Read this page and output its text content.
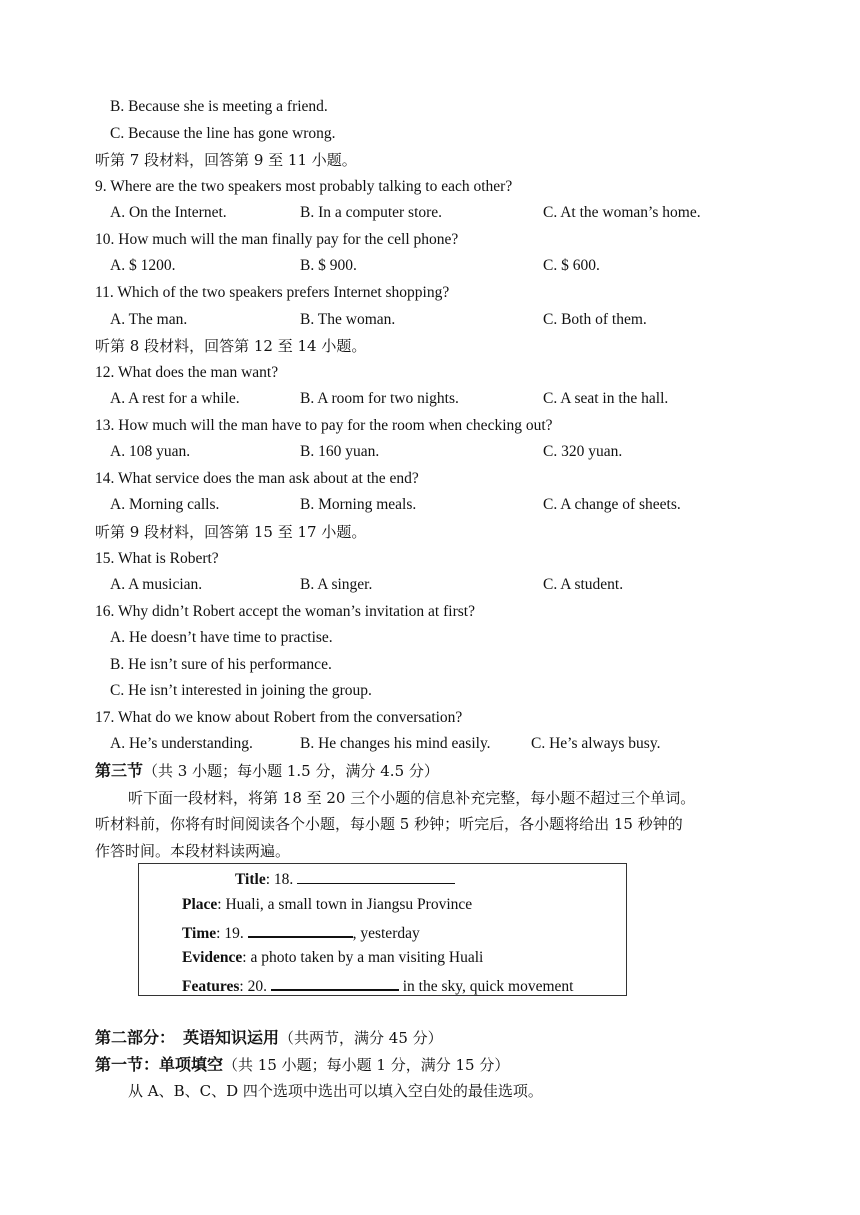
B. Because she is meeting a friend.
C. Because the line has gone wrong.
听第 7 段材料，回答第 9 至 11 小题。
9. Where are the two speakers most probably talking to each other?
A. On the Internet.	B. In a computer store.	C. At the woman’s home.
10. How much will the man finally pay for the cell phone?
A. $ 1200.	B. $ 900.	C. $ 600.
11. Which of the two speakers prefers Internet shopping?
A. The man.	B. The woman.	C. Both of them.
听第 8 段材料，回答第 12 至 14 小题。
12. What does the man want?
A. A rest for a while.	B. A room for two nights.	C. A seat in the hall.
13. How much will the man have to pay for the room when checking out?
A. 108 yuan.	B. 160 yuan.	C. 320 yuan.
14. What service does the man ask about at the end?
A. Morning calls.	B. Morning meals.	C. A change of sheets.
听第 9 段材料，回答第 15 至 17 小题。
15. What is Robert?
A. A musician.	B. A singer.	C. A student.
16. Why didn’t Robert accept the woman’s invitation at first?
A. He doesn’t have time to practise.
B. He isn’t sure of his performance.
C. He isn’t interested in joining the group.
17. What do we know about Robert from the conversation?
A. He’s understanding.	B. He changes his mind easily.	C. He’s always busy.
第三节（共 3 小题；每小题 1.5 分，满分 4.5 分）
听下面一段材料，将第 18 至 20 三个小题的信息补充完整，每小题不超过三个单词。
听材料前，你将有时间阅读各个小题，每小题 5 秒钟；听完后，各小题将给出 15 秒钟的
作答时间。本段材料读两遍。
Title: 18.
Place: Huali, a small town in Jiangsu Province
Time: 19.	, yesterday
Evidence: a photo taken by a man visiting Huali
Features: 20.	in the sky, quick movement
第二部分：　英语知识运用（共两节，满分 45 分）
第一节：单项填空（共 15 小题；每小题 1 分，满分 15 分）
从 A、B、C、D 四个选项中选出可以填入空白处的最佳选项。
